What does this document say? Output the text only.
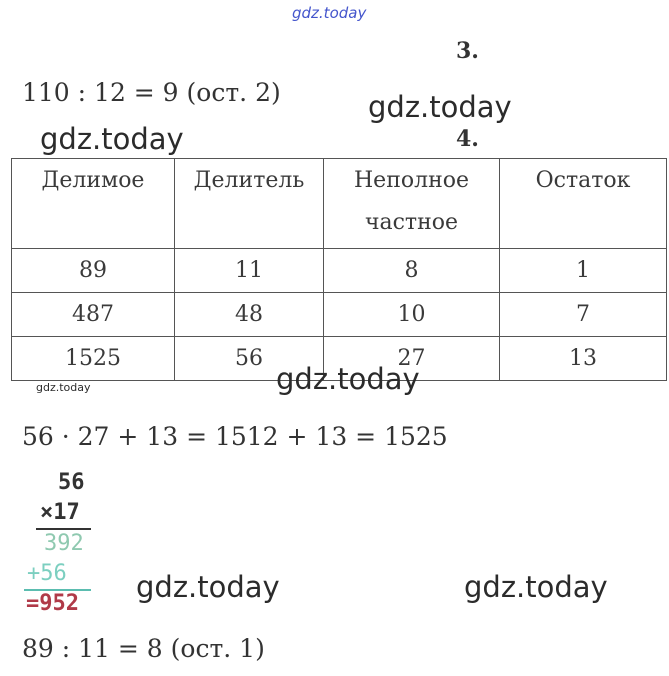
gdz.today
3.
110 : 12 = 9 (ост. 2)	gdz.today
gdz.today	4.
Делимое	Делитель	Неполное частное	Остаток
89	11	8	1
487	48	10	7
1525	56	27	13
gdz.today
gdz.today
56 · 27 + 13 = 1512 + 13 = 1525
56
×17
392
+56
=952 gdz.today	gdz.today
89 : 11 = 8 (ост. 1)
